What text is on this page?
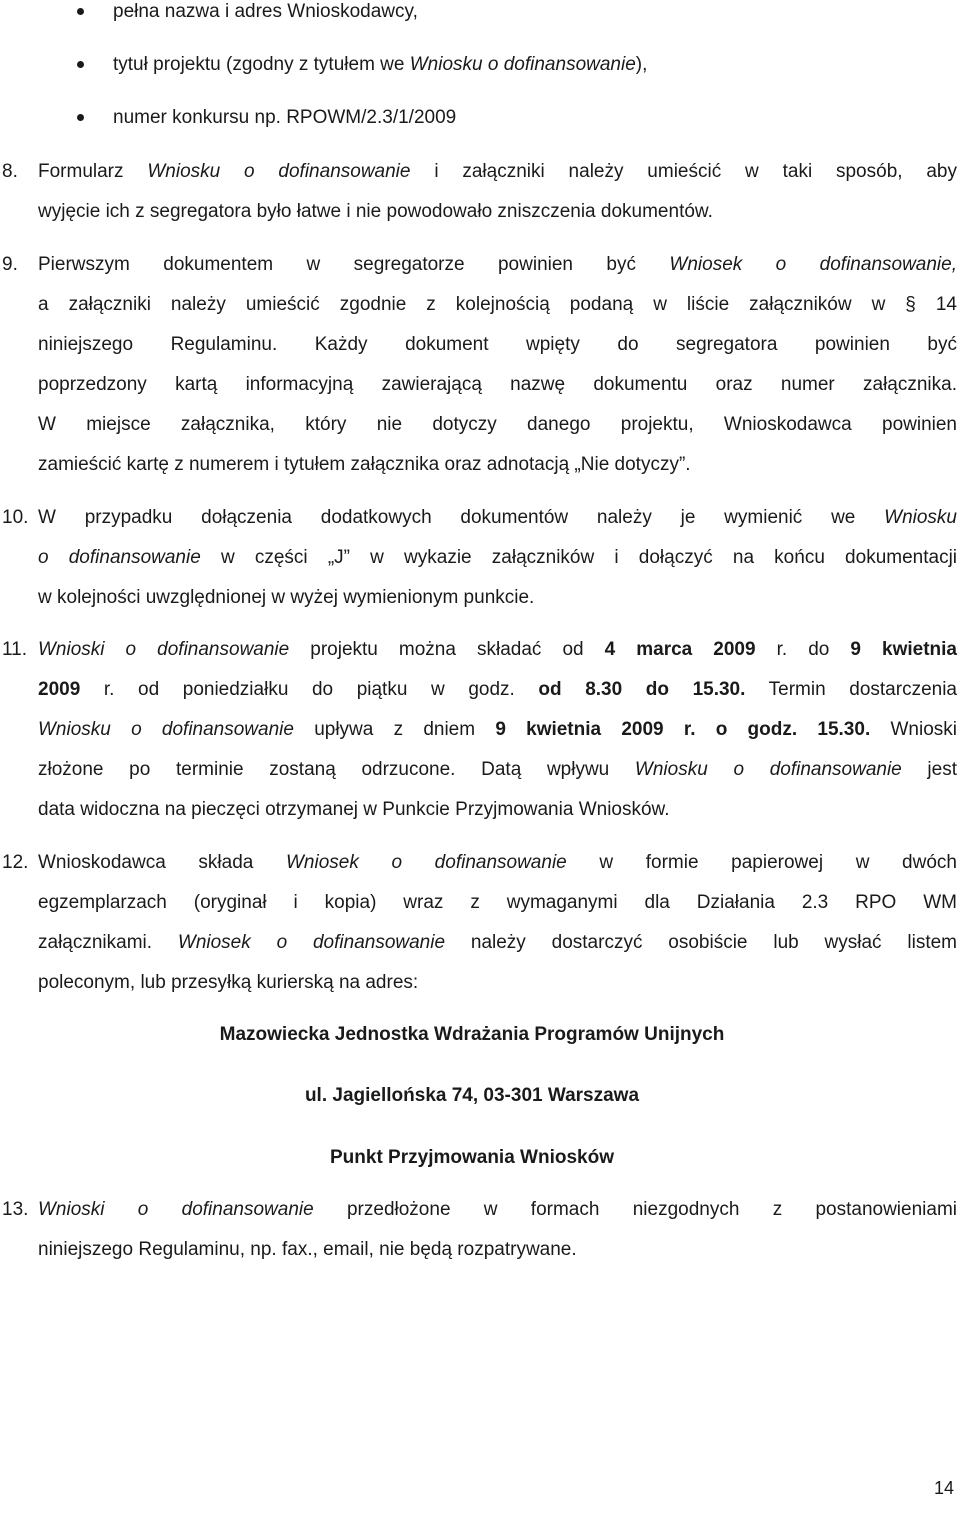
pełna nazwa i adres Wnioskodawcy,
tytuł projektu (zgodny z tytułem we Wniosku o dofinansowanie),
numer konkursu np. RPOWM/2.3/1/2009
8. Formularz Wniosku o dofinansowanie i załączniki należy umieścić w taki sposób, aby
wyjęcie ich z segregatora było łatwe i nie powodowało zniszczenia dokumentów.
9. Pierwszym dokumentem w segregatorze powinien być Wniosek o dofinansowanie,
a załączniki należy umieścić zgodnie z kolejnością podaną w liście załączników w § 14
niniejszego Regulaminu. Każdy dokument wpięty do segregatora powinien być
poprzedzony kartą informacyjną zawierającą nazwę dokumentu oraz numer załącznika.
W miejsce załącznika, który nie dotyczy danego projektu, Wnioskodawca powinien
zamieścić kartę z numerem i tytułem załącznika oraz adnotacją „Nie dotyczy”.
10. W przypadku dołączenia dodatkowych dokumentów należy je wymienić we Wniosku
o dofinansowanie w części „J” w wykazie załączników i dołączyć na końcu dokumentacji
w kolejności uwzględnionej w wyżej wymienionym punkcie.
11. Wnioski o dofinansowanie projektu można składać od 4 marca 2009 r. do 9 kwietnia
2009 r. od poniedziałku do piątku w godz. od 8.30 do 15.30. Termin dostarczenia
Wniosku o dofinansowanie upływa z dniem 9 kwietnia 2009 r. o godz. 15.30. Wnioski
złożone po terminie zostaną odrzucone. Datą wpływu Wniosku o dofinansowanie jest
data widoczna na pieczęci otrzymanej w Punkcie Przyjmowania Wniosków.
12. Wnioskodawca składa Wniosek o dofinansowanie w formie papierowej w dwóch
egzemplarzach (oryginał i kopia) wraz z wymaganymi dla Działania 2.3 RPO WM
załącznikami. Wniosek o dofinansowanie należy dostarczyć osobiście lub wysłać listem
poleconym, lub przesyłką kurierską na adres:
Mazowiecka Jednostka Wdrażania Programów Unijnych
ul. Jagiellońska 74, 03-301 Warszawa
Punkt Przyjmowania Wniosków
13. Wnioski o dofinansowanie przedłożone w formach niezgodnych z postanowieniami
niniejszego Regulaminu, np. fax., email, nie będą rozpatrywane.
14
